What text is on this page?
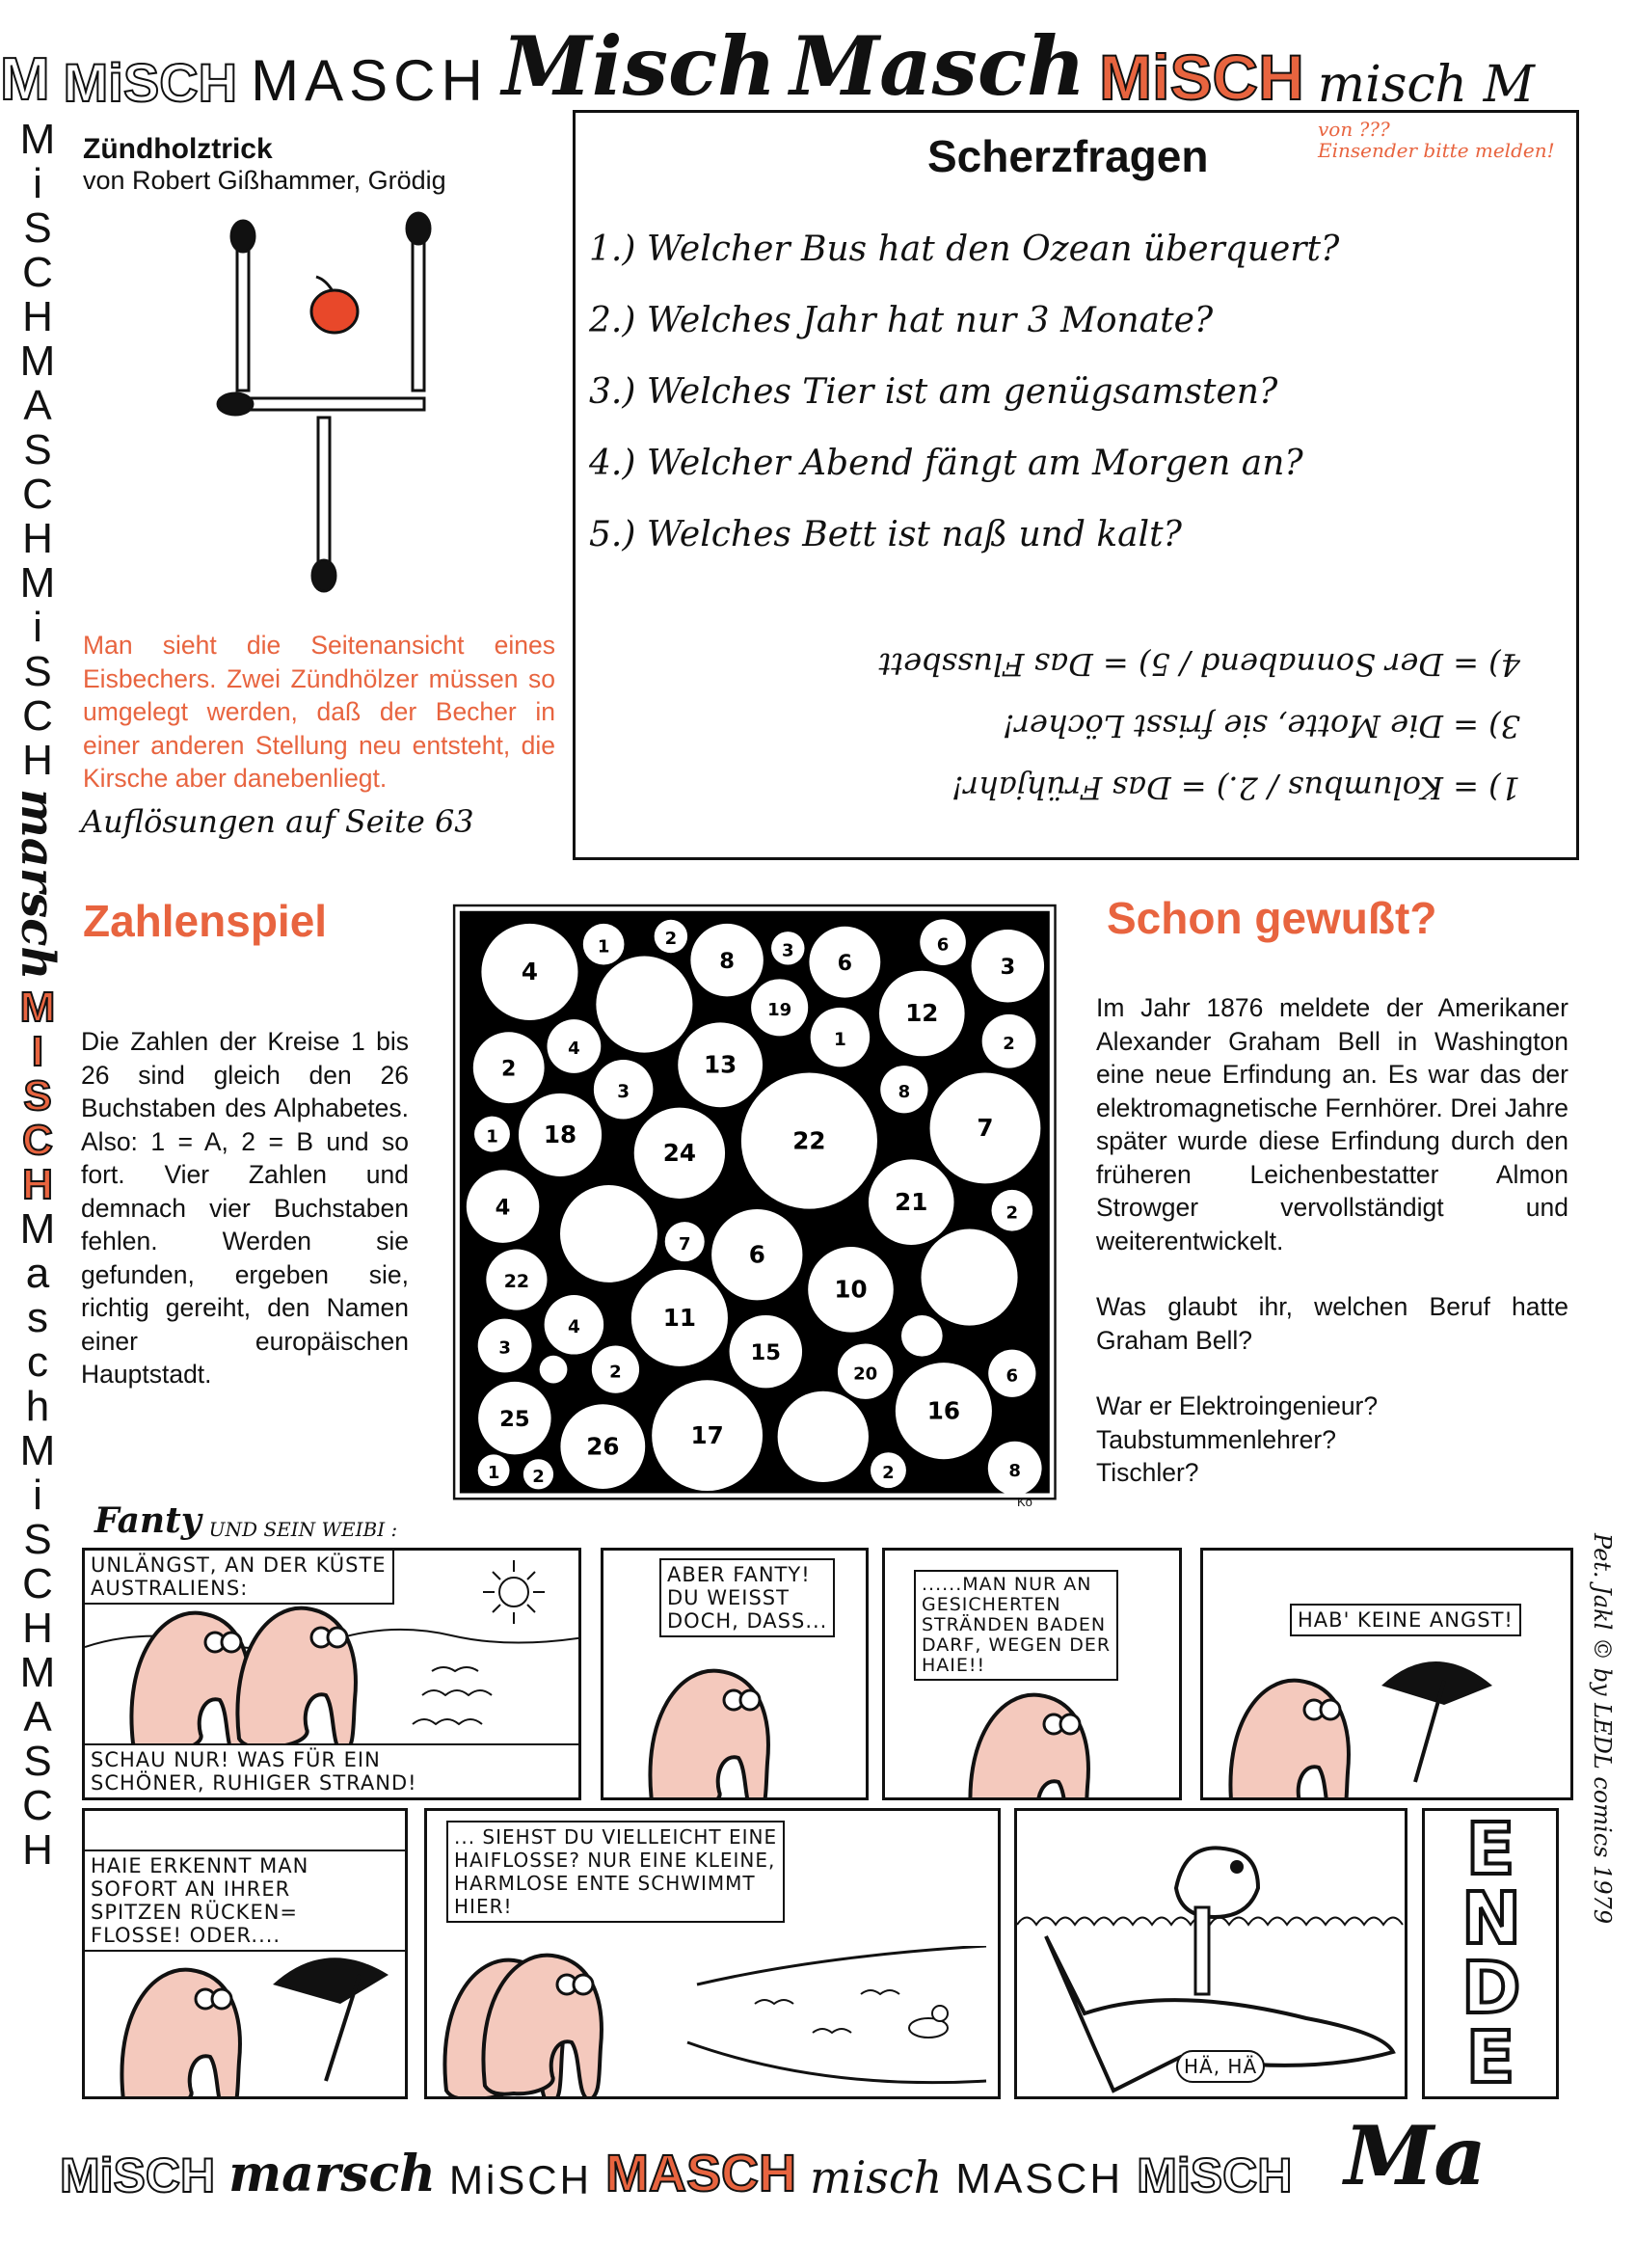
M MiSCH MASCH Misch Masch MiSCH misch M
M
i
S
C
H
M
A
S
C
H
M
i
S
C
H
marsch
M
I
S
C
H
M
a
s
c
h
M
i
S
C
H
M
A
S
C
H
Zündholztrick
von Robert Gißhammer, Grödig
Man sieht die Seitenansicht eines Eisbechers. Zwei Zündhölzer müssen so umgelegt werden, daß der Becher in einer anderen Stellung neu entsteht, die Kirsche aber danebenliegt.
Auflösungen auf Seite 63
Scherzfragen
von ???
Einsender bitte melden!
1.) Welcher Bus hat den Ozean überquert?
2.) Welches Jahr hat nur 3 Monate?
3.) Welches Tier ist am genügsamsten?
4.) Welcher Abend fängt am Morgen an?
5.) Welches Bett ist naß und kalt?
1) = Kolumbus / 2.) = Das Frühjahr!
3) = Die Motte, sie frisst Löcher!
4) = Der Sonnabend / 5) = Das Flussbett
Zahlenspiel
Die Zahlen der Kreise 1 bis 26 sind gleich den 26 Buchstaben des Alphabetes. Also: 1 = A, 2 = B und so fort. Vier Zahlen und demnach vier Buchstaben fehlen. Werden sie gefunden, ergeben sie, richtig gereiht, den Namen einer europäischen Hauptstadt.
4
1 2
8 3 6
6
3
19
1
12
2
2
4
3
13
8
22	7
1 18
24
4
7 6
21 2
22
11
10
4
3
2
15
20	6
25
26 17
16
2	8
1 2
Kö
Schon gewußt?
Im Jahr 1876 meldete der Amerikaner Alexander Graham Bell in Washington eine neue Erfindung an. Es war das der elektromagnetische Fernhörer. Drei Jahre später wurde diese Erfindung durch den früheren Leichenbestatter Almon Strowger vervollständigt und weiterentwickelt.
Was glaubt ihr, welchen Beruf hatte Graham Bell?
War er Elektroingenieur?
Taubstummenlehrer?
Tischler?
Fanty UND SEIN WEIBI :
UNLÄNGST, AN DER KÜSTE
AUSTRALIENS:
SCHAU NUR! WAS FÜR EIN
SCHÖNER, RUHIGER STRAND!
ABER FANTY!
DU WEISST
DOCH, DASS...
......MAN NUR AN
GESICHERTEN
STRÄNDEN BADEN
DARF, WEGEN DER
HAIE!!
HAB' KEINE ANGST!
HAIE ERKENNT MAN
SOFORT AN IHRER
SPITZEN RÜCKEN=
FLOSSE! ODER....
... SIEHST DU VIELLEICHT EINE
HAIFLOSSE? NUR EINE KLEINE,
HARMLOSE ENTE SCHWIMMT
HIER!
HÄ, HÄ
ENDE
Pet. Jakl © by LEDL comics 1979
MiSCH marsch MiSCH MASCH misch MASCH MiSCH Ma
